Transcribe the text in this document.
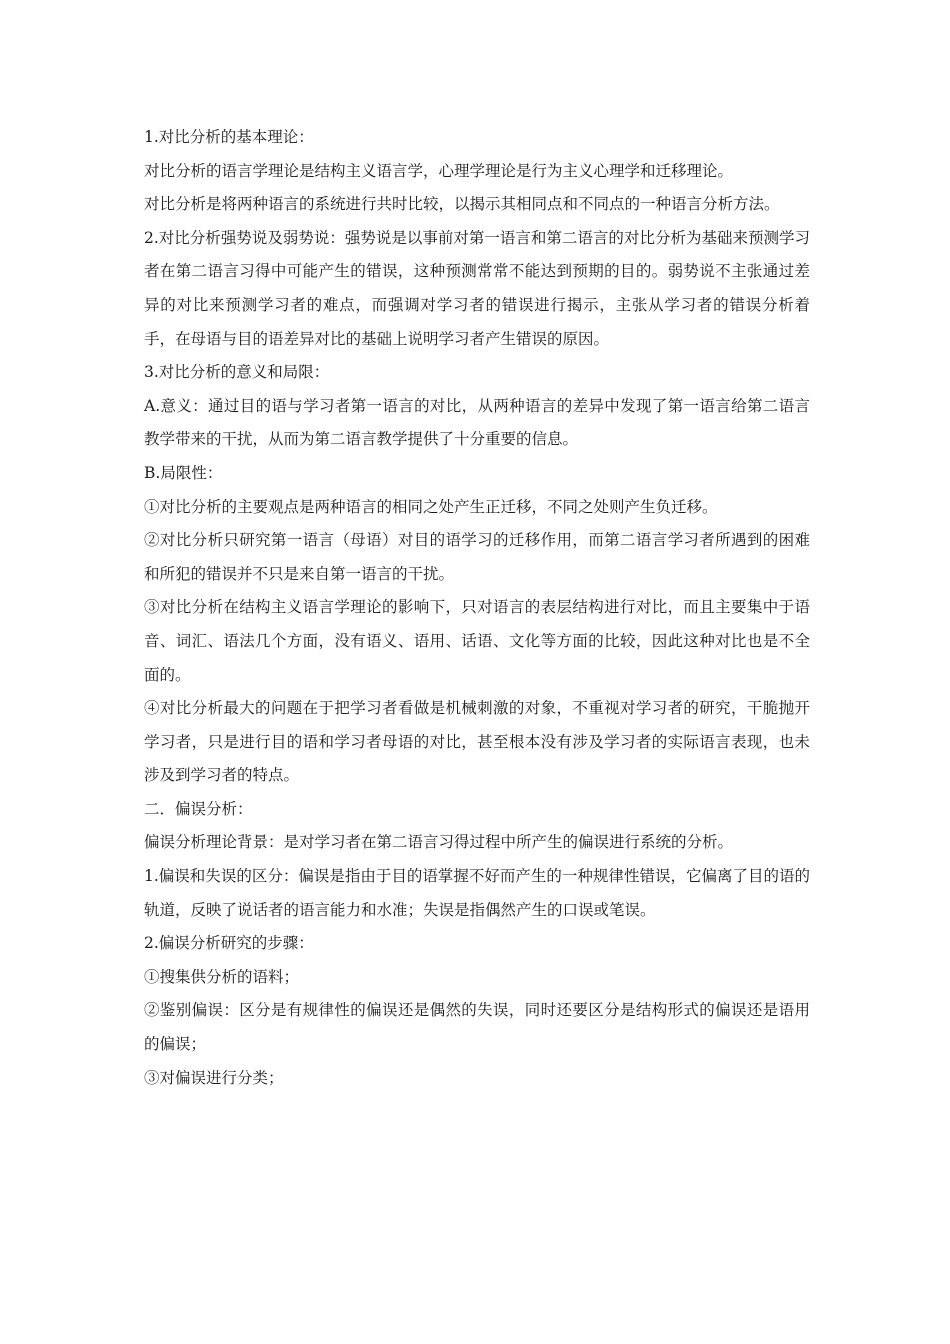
1.对比分析的基本理论：

对比分析的语言学理论是结构主义语言学，心理学理论是行为主义心理学和迁移理论。

对比分析是将两种语言的系统进行共时比较，以揭示其相同点和不同点的一种语言分析方法。

2.对比分析强势说及弱势说：强势说是以事前对第一语言和第二语言的对比分析为基础来预测学习者在第二语言习得中可能产生的错误，这种预测常常不能达到预期的目的。弱势说不主张通过差异的对比来预测学习者的难点，而强调对学习者的错误进行揭示，主张从学习者的错误分析着手，在母语与目的语差异对比的基础上说明学习者产生错误的原因。

3.对比分析的意义和局限：

A.意义：通过目的语与学习者第一语言的对比，从两种语言的差异中发现了第一语言给第二语言教学带来的干扰，从而为第二语言教学提供了十分重要的信息。

B.局限性：

①对比分析的主要观点是两种语言的相同之处产生正迁移，不同之处则产生负迁移。

②对比分析只研究第一语言（母语）对目的语学习的迁移作用，而第二语言学习者所遇到的困难和所犯的错误并不只是来自第一语言的干扰。

③对比分析在结构主义语言学理论的影响下，只对语言的表层结构进行对比，而且主要集中于语音、词汇、语法几个方面，没有语义、语用、话语、文化等方面的比较，因此这种对比也是不全面的。

④对比分析最大的问题在于把学习者看做是机械刺激的对象，不重视对学习者的研究，干脆抛开学习者，只是进行目的语和学习者母语的对比，甚至根本没有涉及学习者的实际语言表现，也未涉及到学习者的特点。

二．偏误分析：

偏误分析理论背景：是对学习者在第二语言习得过程中所产生的偏误进行系统的分析。

1.偏误和失误的区分：偏误是指由于目的语掌握不好而产生的一种规律性错误，它偏离了目的语的轨道，反映了说话者的语言能力和水准；失误是指偶然产生的口误或笔误。

2.偏误分析研究的步骤：

①搜集供分析的语料；

②鉴别偏误：区分是有规律性的偏误还是偶然的失误，同时还要区分是结构形式的偏误还是语用的偏误；

③对偏误进行分类；
